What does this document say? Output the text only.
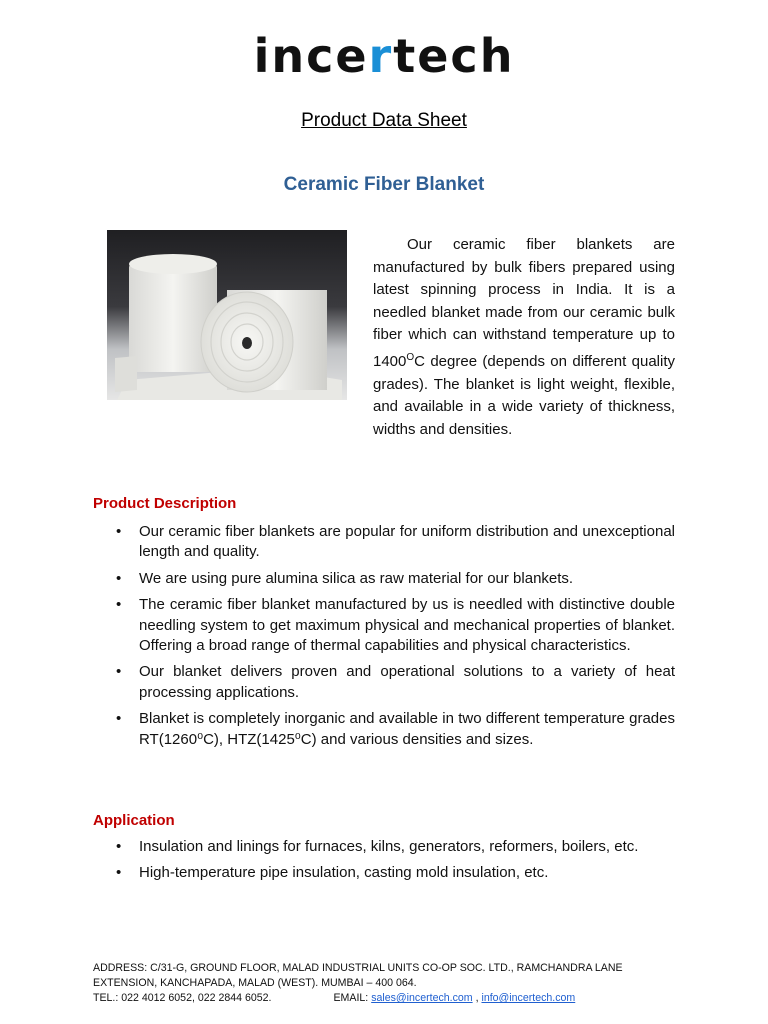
incertech
Product Data Sheet
Ceramic Fiber Blanket
Our ceramic fiber blankets are manufactured by bulk fibers prepared using latest spinning process in India. It is a needled blanket made from our ceramic bulk fiber which can withstand temperature up to $1400^OC$ degree (depends on different quality grades). The blanket is light weight, flexible, and available in a wide variety of thickness, widths and densities.
Product Description
• Our ceramic fiber blankets are popular for uniform distribution and unexceptional length and quality.
• We are using pure alumina silica as raw material for our blankets.
• The ceramic fiber blanket manufactured by us is needled with distinctive double needling system to get maximum physical and mechanical properties of blanket. Offering a broad range of thermal capabilities and physical characteristics.
• Our blanket delivers proven and operational solutions to a variety of heat processing applications.
• Blanket is completely inorganic and available in two different temperature grades RT(1260⁰C), HTZ(1425⁰C) and various densities and sizes.
Application
• Insulation and linings for furnaces, kilns, generators, reformers, boilers, etc.
• High-temperature pipe insulation, casting mold insulation, etc.
ADDRESS: C/31-G, GROUND FLOOR, MALAD INDUSTRIAL UNITS CO-OP SOC. LTD., RAMCHANDRA LANE
EXTENSION, KANCHAPADA, MALAD (WEST). MUMBAI – 400 064.
TEL.: 022 4012 6052, 022 2844 6052.	EMAIL: sales@incertech.com , info@incertech.com
